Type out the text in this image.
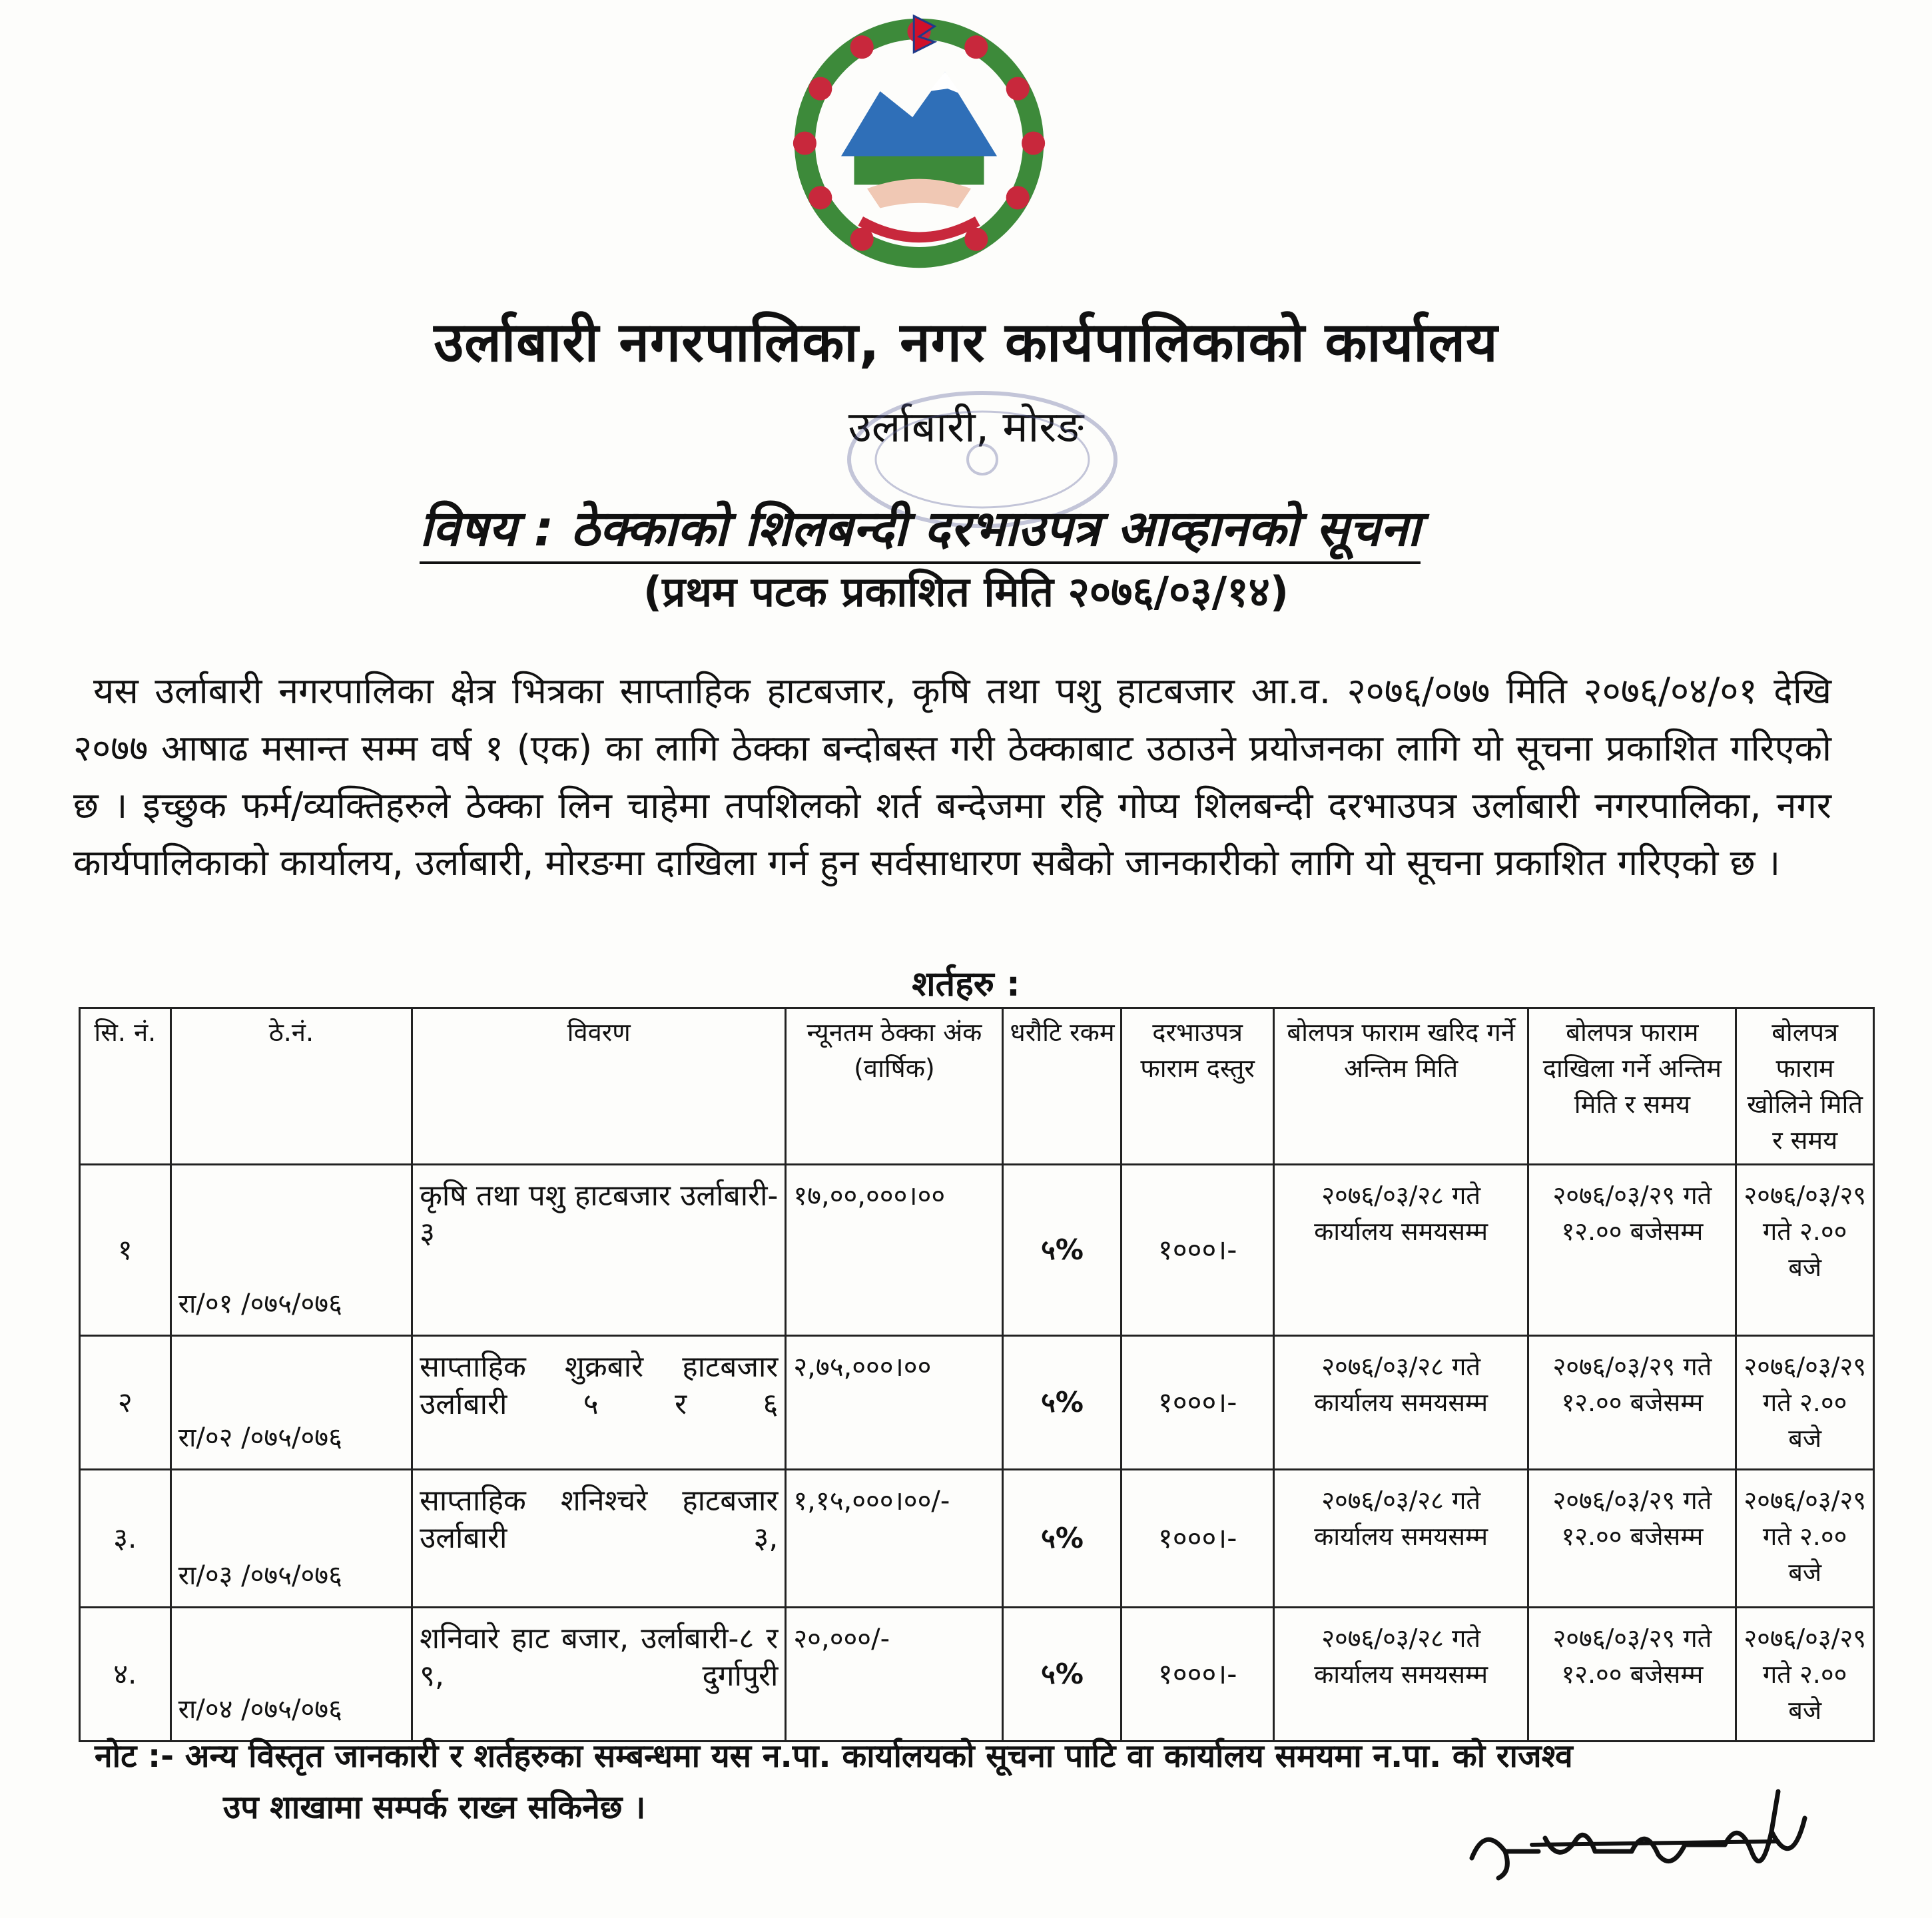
उर्लाबारी नगरपालिका, नगर कार्यपालिकाको कार्यालय
उर्लाबारी, मोरङ
विषय : ठेक्काको शिलबन्दी दरभाउपत्र आव्हानको सूचना
(प्रथम पटक प्रकाशित मिति २०७६/०३/१४)
यस उर्लाबारी नगरपालिका क्षेत्र भित्रका साप्ताहिक हाटबजार, कृषि तथा पशु हाटबजार आ.व. २०७६/०७७ मिति २०७६/०४/०१ देखि २०७७ आषाढ मसान्त सम्म वर्ष १ (एक) का लागि ठेक्का बन्दोबस्त गरी ठेक्काबाट उठाउने प्रयोजनका लागि यो सूचना प्रकाशित गरिएको छ । इच्छुक फर्म/व्यक्तिहरुले ठेक्का लिन चाहेमा तपशिलको शर्त बन्देजमा रहि गोप्य शिलबन्दी दरभाउपत्र उर्लाबारी नगरपालिका, नगर कार्यपालिकाको कार्यालय, उर्लाबारी, मोरङमा दाखिला गर्न हुन सर्वसाधारण सबैको जानकारीको लागि यो सूचना प्रकाशित गरिएको छ ।
शर्तहरु :
सि. नं.	ठे.नं.	विवरण	न्यूनतम ठेक्का अंक (वार्षिक)	धरौटि रकम	दरभाउपत्र फाराम दस्तुर	बोलपत्र फाराम खरिद गर्ने अन्तिम मिति	बोलपत्र फाराम दाखिला गर्ने अन्तिम मिति र समय	बोलपत्र फाराम खोलिने मिति र समय
१	रा/०१ /०७५/०७६	कृषि तथा पशु हाटबजार उर्लाबारी- ३	१७,००,०००।००	५%	१०००।-	२०७६/०३/२८ गते कार्यालय समयसम्म	२०७६/०३/२९ गते १२.०० बजेसम्म	२०७६/०३/२९ गते २.०० बजे
२	रा/०२ /०७५/०७६	साप्ताहिक शुक्रबारे हाटबजार उर्लाबारी ५ र ६	२,७५,०००।००	५%	१०००।-	२०७६/०३/२८ गते कार्यालय समयसम्म	२०७६/०३/२९ गते १२.०० बजेसम्म	२०७६/०३/२९ गते २.०० बजे
३.	रा/०३ /०७५/०७६	साप्ताहिक शनिश्चरे हाटबजार उर्लाबारी ३,	१,१५,०००।००/-	५%	१०००।-	२०७६/०३/२८ गते कार्यालय समयसम्म	२०७६/०३/२९ गते १२.०० बजेसम्म	२०७६/०३/२९ गते २.०० बजे
४.	रा/०४ /०७५/०७६	शनिवारे हाट बजार, उर्लाबारी-८ र ९, दुर्गापुरी	२०,०००/-	५%	१०००।-	२०७६/०३/२८ गते कार्यालय समयसम्म	२०७६/०३/२९ गते १२.०० बजेसम्म	२०७६/०३/२९ गते २.०० बजे
नोट :- अन्य विस्तृत जानकारी र शर्तहरुका सम्बन्धमा यस न.पा. कार्यालयको सूचना पाटि वा कार्यालय समयमा न.पा. को राजश्व
उप शाखामा सम्पर्क राख्न सकिनेछ ।
